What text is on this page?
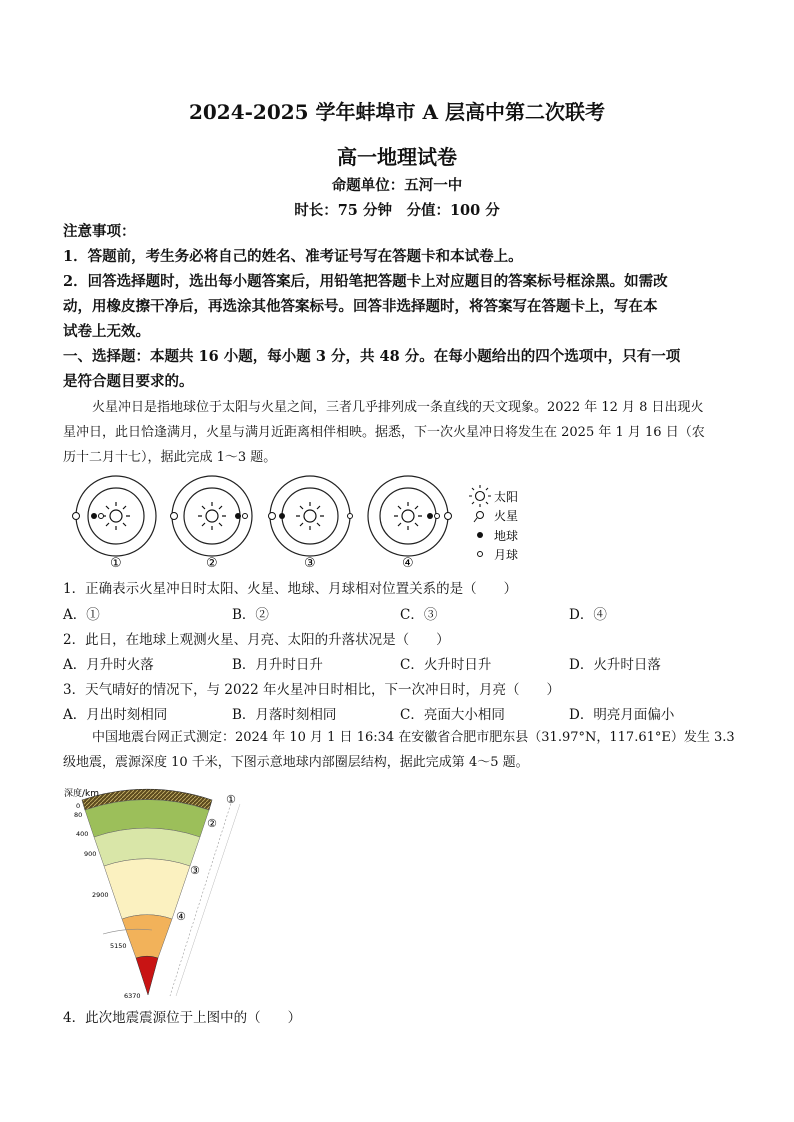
2024-2025 学年蚌埠市 A 层高中第二次联考
高一地理试卷
命题单位：五河一中
时长：75 分钟　分值：100 分
注意事项：
1．答题前，考生务必将自己的姓名、准考证号写在答题卡和本试卷上。
2．回答选择题时，选出每小题答案后，用铅笔把答题卡上对应题目的答案标号框涂黑。如需改
动，用橡皮擦干净后，再选涂其他答案标号。回答非选择题时，将答案写在答题卡上，写在本
试卷上无效。
一、选择题：本题共 16 小题，每小题 3 分，共 48 分。在每小题给出的四个选项中，只有一项
是符合题目要求的。
火星冲日是指地球位于太阳与火星之间，三者几乎排列成一条直线的天文现象。2022 年 12 月 8 日出现火
星冲日，此日恰逢满月，火星与满月近距离相伴相映。据悉，下一次火星冲日将发生在 2025 年 1 月 16 日（农
历十二月十七），据此完成 1～3 题。
①	②	③	④
太阳
火星
地球
月球
1．正确表示火星冲日时太阳、火星、地球、月球相对位置关系的是（　　）
A．①	B．②	C．③	D．④
2．此日，在地球上观测火星、月亮、太阳的升落状况是（　　）
A．月升时火落	B．月升时日升	C．火升时日升	D．火升时日落
3．天气晴好的情况下，与 2022 年火星冲日时相比，下一次冲日时，月亮（　　）
A．月出时刻相同	B．月落时刻相同	C．亮面大小相同	D．明亮月面偏小
中国地震台网正式测定：2024 年 10 月 1 日 16:34 在安徽省合肥市肥东县（31.97°N，117.61°E）发生 3.3
级地震，震源深度 10 千米，下图示意地球内部圈层结构，据此完成第 4～5 题。
深度/km
0
80
400
900
2900
5150
6370
①
②
③
④
4．此次地震震源位于上图中的（　　）
